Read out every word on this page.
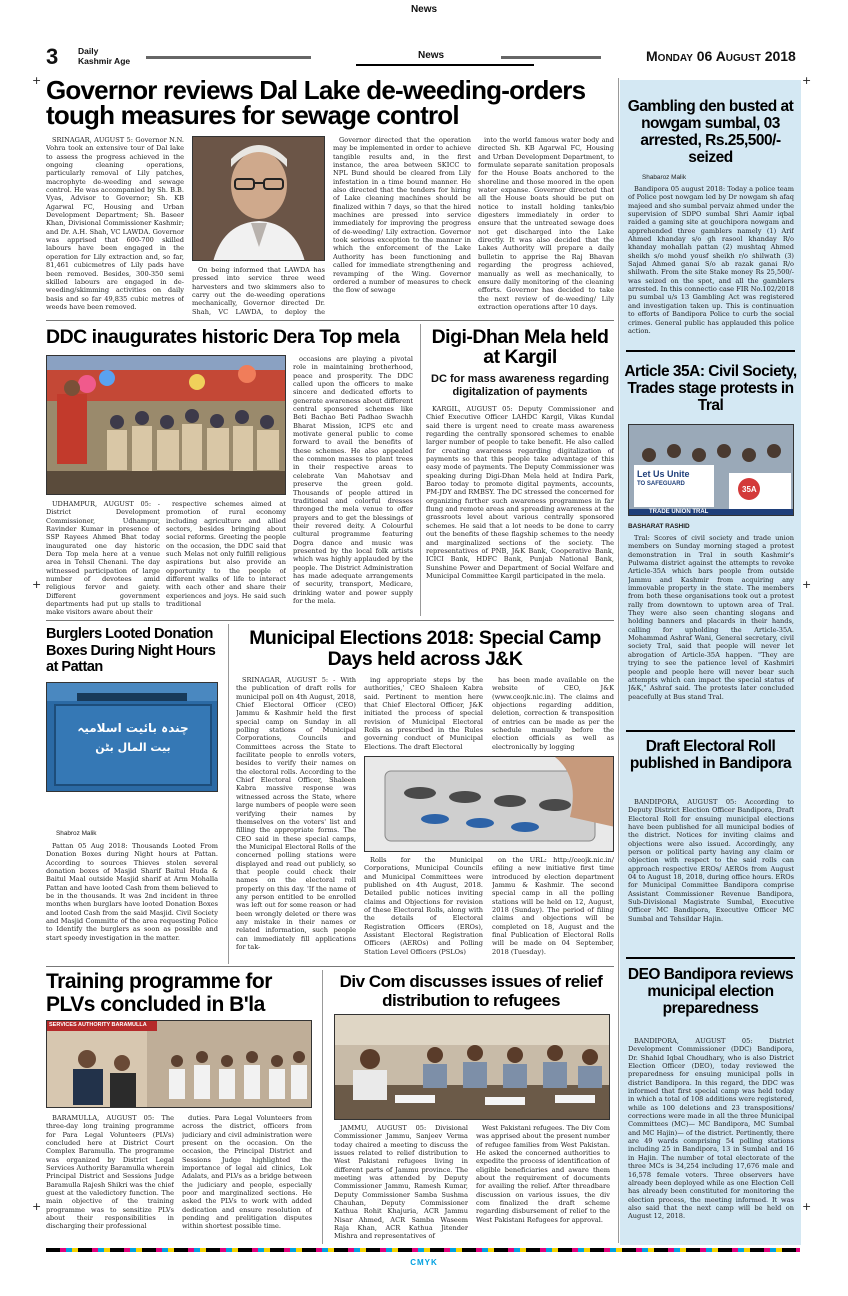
News
+	+
+	+
+	+
3 Daily
Kashmir Age	News	Monday 06 August 2018
Governor reviews Dal Lake de-weeding-orders tough measures for sewage control

SRINAGAR, AUGUST 5: Governor N.N. Vohra took an extensive tour of Dal lake to assess the progress achieved in the ongoing cleaning operations, particularly removal of Lily patches, macrophyte de-weeding and sewage control. He was accompanied by Sh. B.B. Vyas, Advisor to Governor; Sh. KB Agarwal FC, Housing and Urban Development Department; Sh. Baseer Khan, Divisional Commissioner Kashmir; and Dr. A.H. Shah, VC LAWDA. Governor was apprised that 600-700 skilled labours have been engaged in the operation for Lily extraction and, so far, 81,461 cubicmetres of Lily pads have been removed. Besides, 300-350 semi skilled labours are engaged in de-weeding/skimming activities on daily basis and so far 49,835 cubic metres of weeds have been removed.

On being informed that LAWDA has pressed into service three weed harvesters and two skimmers also to carry out the de-weeding operations mechanically, Governor directed Dr. Shah, VC LAWDA, to deploy the

Governor directed that the operation may be implemented in order to achieve tangible results and, in the first instance, the area between SKICC to NPL Bund should be cleared from Lily infestation in a time bound manner. He also directed that the tenders for hiring of Lake cleaning machines should be finalized within 7 days, so that the hired machines are pressed into service immediately for improving the progress of de-weeding/ Lily extraction. Governor took serious exception to the manner in which the enforcement of the Lake Authority has been functioning and called for immediate strengthening and revamping of the Wing. Governor ordered a number of measures to check the flow of sewage

into the world famous water body and directed Sh. KB Agarwal FC, Housing and Urban Development Department, to formulate separate sanitation proposals for the House Boats anchored to the shoreline and those moored in the open water expanse. Governor directed that all the House boats should be put on notice to install holding tanks/bio digesters immediately in order to ensure that the untreated sewage does not get discharged into the Lake directly. It was also decided that the Lakes Authority will prepare a daily bulletin to apprise the Raj Bhavan regarding the progress achieved, manually as well as mechanically, to ensure daily monitoring of the cleaning efforts. Governor has decided to take the next review of de-weeding/ Lily extraction operations after 10 days.

DDC inaugurates historic Dera Top mela

UDHAMPUR, AUGUST 05: -District Development Commissioner, Udhampur, Ravinder Kumar in presence of SSP Rayees Ahmed Bhat today inaugurated one day historic Dera Top mela here at a venue area in Tehsil Chenani. The day witnessed participation of large number of devotees amid religious fervor and gaiety. Different government departments had put up stalls to make visitors aware about their

respective schemes aimed at promotion of rural economy including agriculture and allied sectors, besides bringing about social reforms. Greeting the people on the occasion, the DDC said that such Melas not only fulfill religious aspirations but also provide an opportunity to the people of different walks of life to interact with each other and share their experiences and joys. He said such traditional

occasions are playing a pivotal role in maintaining brotherhood, peace and prosperity. The DDC called upon the officers to make sincere and dedicated efforts to generate awareness about different central sponsored schemes like Beti Bachao Beti Padhao Swachh Bharat Mission, ICPS etc and motivate general public to come forward to avail the benefits of these schemes. He also appealed the common masses to plant trees in their respective areas to celebrate Van Mahotsav and preserve the green gold. Thousands of people attired in traditional and colorful dresses thronged the mela venue to offer prayers and to get the blessings of their revered deity. A Colourful cultural programme featuring Dogra dance and music was presented by the local folk artists which was highly applauded by the people. The District Administration has made adequate arrangements of security, transport, Medicare, drinking water and power supply for the mela.

Digi-Dhan Mela held at Kargil
DC for mass awareness regarding digitalization of payments

KARGIL, AUGUST 05: Deputy Commissioner and Chief Executive Officer LAHDC Kargil, Vikas Kundal said there is urgent need to create mass awareness regarding the centrally sponsored schemes to enable larger number of people to take benefit. He also called for creating awareness regarding digitalization of payments so that this people take advantage of this easy mode of payments. The Deputy Commissioner was speaking during Digi-Dhan Mela held at Indira Park, Baroo today to promote digital payments, accounts, PM-JDY and RMBSY. The DC stressed the concerned for organizing further such awareness programmes in far flung and remote areas and spreading awareness at the grassroots level about various centrally sponsored schemes. He said that a lot needs to be done to carry out the benefits of these flagship schemes to the needy and marginalized sections of the society. The representatives of PNB, J&K Bank, Cooperative Bank, ICICI Bank, HDFC Bank, Punjab National Bank, Sunshine Power and Department of Social Welfare and Municipal Committee Kargil participated in the mela.

Burglers Looted Donation Boxes During Night Hours at Pattan
چندہ بائیت اسلامیہ
بیت المال بٹن
Shabroz Malik

Pattan 05 Aug 2018: Thousands Looted From Donation Boxes during Night hours at Pattan. According to sources Thieves stolen several donation boxes of Masjid Sharif Baitul Huda & Baitul Maal outside Masjid sharif at Arm Mohalla Pattan and have looted Cash from them believed to be in the thousands. It was 2nd incident in three months when burglars have looted Donation Boxes and looted Cash from the said Masjid. Civil Society and Masjid Committe of the area requesting Police to Identify the burglers as soon as possible and start speedy investigation in the matter.

Municipal Elections 2018: Special Camp Days held across J&K

SRINAGAR, AUGUST 5: - With the publication of draft rolls for municipal poll on 4th August, 2018, Chief Electoral Officer (CEO) Jammu & Kashmir held the first special camp on Sunday in all polling stations of Municipal Corporations, Councils and Committees across the State to facilitate people to enrolls voters, besides to verify their names on the electoral rolls. According to the Chief Electoral Officer, Shaleen Kabra massive response was witnessed across the State, where large numbers of people were seen verifying their names by themselves on the voters' list and filling the appropriate forms. The CEO said in these special camps, the Municipal Electoral Rolls of the concerned polling stations were displayed and read out publicly, so that people could check their names on the electoral roll properly on this day. 'If the name of any person entitled to be enrolled was left out for some reason or had been wrongly deleted or there was any mistake in their names or related information, such people can immediately fill applications for tak-

ing appropriate steps by the authorities,' CEO Shaleen Kabra said. Pertinent to mention here that Chief Electoral Officer, J&K initiated the process of special revision of Municipal Electoral Rolls as prescribed in the Rules governing conduct of Municipal Elections. The draft Electoral

has been made available on the website of CEO, J&K (www.ceojk.nic.in). The claims and objections regarding addition, deletion, correction & transposition of entries can be made as per the schedule manually before the election officials as well as electronically by logging

Rolls for the Municipal Corporations, Municipal Councils and Municipal Committees were published on 4th August, 2018. Detailed public notices inviting claims and Objections for revision of these Electoral Rolls, along with the details of Electoral Registration Officers (EROs), Assistant Electoral Registration Officers (AEROs) and Polling Station Level Officers (PSLOs)

on the URL: http://ceojk.nic.in/ efiling a new initiative first time introduced by election department Jammu & Kashmir. The second special camp in all the polling stations will be held on 12, August, 2018 (Sunday). The period of filing claims and objections will be completed on 18, August and the final Publication of Electoral Rolls will be made on 04 September, 2018 (Tuesday).

Training programme for PLVs concluded in B'la
SERVICES AUTHORITY BARAMULLA

BARAMULLA, AUGUST 05: The three-day long training programme for Para Legal Volunteers (PLVs) concluded here at District Court Complex Baramulla. The programme was organized by District Legal Services Authority Baramulla wherein Principal District and Sessions Judge Baramulla Rajesh Shikri was the chief guest at the valedictory function. The main objective of the training programme was to sensitize PLVs about their responsibilities in discharging their professional

duties. Para Legal Volunteers from across the district, officers from judiciary and civil administration were present on the occasion. On the occasion, the Principal District and Sessions Judge highlighted the importance of legal aid clinics, Lok Adalats, and PLVs as a bridge between the judiciary and people, especially poor and marginalized sections. He asked the PLVs to work with added dedication and ensure resolution of pending and prelitigation disputes within shortest possible time.

Div Com discusses issues of relief distribution to refugees

JAMMU, AUGUST 05: Divisional Commissioner Jammu, Sanjeev Verma today chaired a meeting to discuss the issues related to relief distribution to West Pakistani refugees living in different parts of Jammu province. The meeting was attended by Deputy Commissioner Jammu, Ramesh Kumar, Deputy Commissioner Samba Sushma Chauhan, Deputy Commissioner Kathua Rohit Khajuria, ACR Jammu Nisar Ahmed, ACR Samba Waseem Raja Khan, ACR Kathua Jitender Mishra and representatives of

West Pakistani refugees. The Div Com was apprised about the present number of refugee families from West Pakistan. He asked the concerned authorities to expedite the process of identification of eligible beneficiaries and aware them about the requirement of documents for availing the relief. After threadbare discussion on various issues, the div com finalized the draft scheme regarding disbursement of relief to the West Pakistani Refugees for approval.

Gambling den busted at nowgam sumbal, 03 arrested, Rs.25,500/- seized
Shabaroz Malik

Bandipora 05 august 2018: Today a police team of Police post nowgam led by Dr nowgam sh afaq majeed and sho sumbal pervaiz ahmed under the supervision of SDPO sumbal Shri Aamir iqbal raided a gaming site at gouchipora nowgam and apprehended three gamblers namely (1) Arif Ahmed khanday s/o gh rasool khanday R/o khanday mohallah pattan (2) mushtaq Ahmed sheikh s/o mohd yousf sheikh r/o shilwath (3) Sajad Ahmed ganai S/o ab razak ganai R/o shilwath. From the site Stake money Rs 25,500/- was seized on the spot, and all the gamblers arrested. In this connectio case FIR No.102/2018 pu sumbal u/s 13 Gambling Act was registered and investigation taken up. This is continuation to efforts of Bandipora Police to curb the social crimes. General public has applauded this police action.

Article 35A: Civil Society, Trades stage protests in Tral
Let Us Unite
TO SAFEGUARD
35A
TRADE UNION TRAL
BASHARAT RASHID

Tral: Scores of civil society and trade union members on Sunday morning staged a protest demonstration in Tral in south Kashmir's Pulwama district against the attempts to revoke Article-35A which bars people from outside Jammu and Kashmir from acquiring any immovable property in the state. The members from both these organisations took out a protest rally from downtown to uptown area of Tral. They were also seen chanting slogans and holding banners and placards in their hands, calling for upholding the Article-35A. Mohammad Ashraf Wani, General secretary, civil society Tral, said that people will never let abrogation of Article-35A happen. "They are trying to see the patience level of Kashmiri people and people here will never bear such attempts which can impact the special status of J&K," Ashraf said. The protests later concluded peacefully at Bus stand Tral.

Draft Electoral Roll published in Bandipora

BANDIPORA, AUGUST 05: According to Deputy District Election Officer Bandipora, Draft Electoral Roll for ensuing municipal elections have been published for all municipal bodies of the district. Notices for inviting claims and objections were also issued. Accordingly, any person or political party having any claim or objection with respect to the said rolls can approach respective EROs/ AEROs from August 04 to August 18, 2018, during office hours. EROs for Municipal Committee Bandipora comprise Assistant Commissioner Revenue Bandipora, Sub-Divisional Magistrate Sumbal, Executive Officer MC Bandipora, Executive Officer MC Sumbal and Tehsildar Hajin.

DEO Bandipora reviews municipal election preparedness

BANDIPORA, AUGUST 05: District Development Commissioner (DDC) Bandipora, Dr. Shahid Iqbal Choudhary, who is also District Election Officer (DEO), today reviewed the preparedness for ensuing municipal polls in district Bandipora. In this regard, the DDC was informed that first special camp was held today in which a total of 108 additions were registered, while as 100 deletions and 23 transpositions/ corrections were made in all the three Municipal Committees (MC)— MC Bandipora, MC Sumbal and MC Hajin)— of the district. Pertinently, there are 49 wards comprising 54 polling stations including 25 in Bandipora, 13 in Sumbal and 16 in Hajin. The number of total electorate of the three MCs is 34,254 including 17,676 male and 16,578 female voters. Three observers have already been deployed while as one Election Cell has already been constituted for monitoring the election process, the meeting informed. It was also said that the next camp will be held on August 12, 2018.

CMYK
